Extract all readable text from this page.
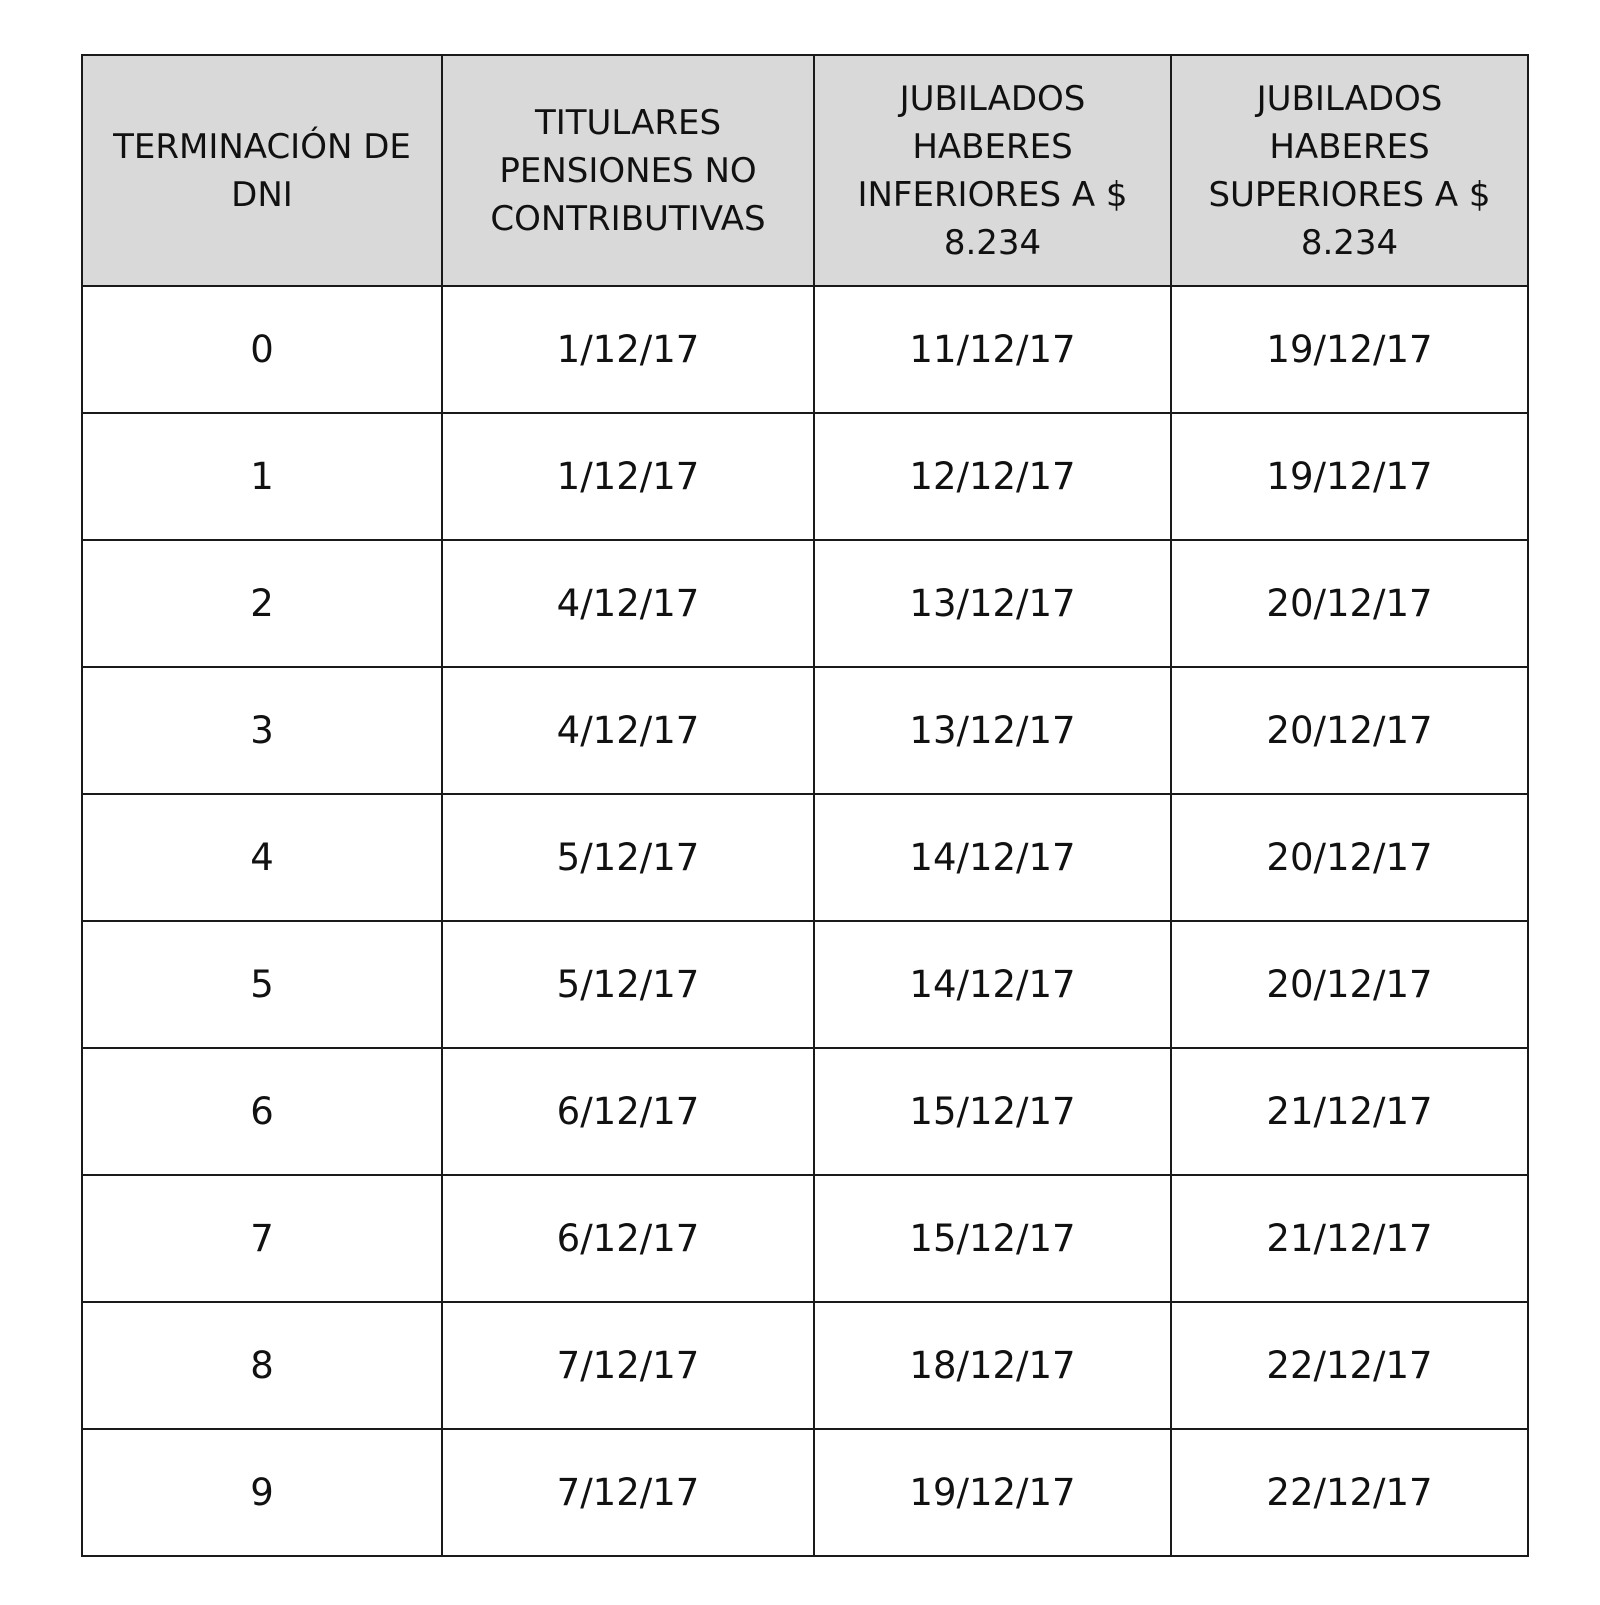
TERMINACIÓN DE
DNI	TITULARES
PENSIONES NO
CONTRIBUTIVAS	JUBILADOS
HABERES
INFERIORES A $
8.234	JUBILADOS
HABERES
SUPERIORES A $
8.234
0	1/12/17	11/12/17	19/12/17
1	1/12/17	12/12/17	19/12/17
2	4/12/17	13/12/17	20/12/17
3	4/12/17	13/12/17	20/12/17
4	5/12/17	14/12/17	20/12/17
5	5/12/17	14/12/17	20/12/17
6	6/12/17	15/12/17	21/12/17
7	6/12/17	15/12/17	21/12/17
8	7/12/17	18/12/17	22/12/17
9	7/12/17	19/12/17	22/12/17
